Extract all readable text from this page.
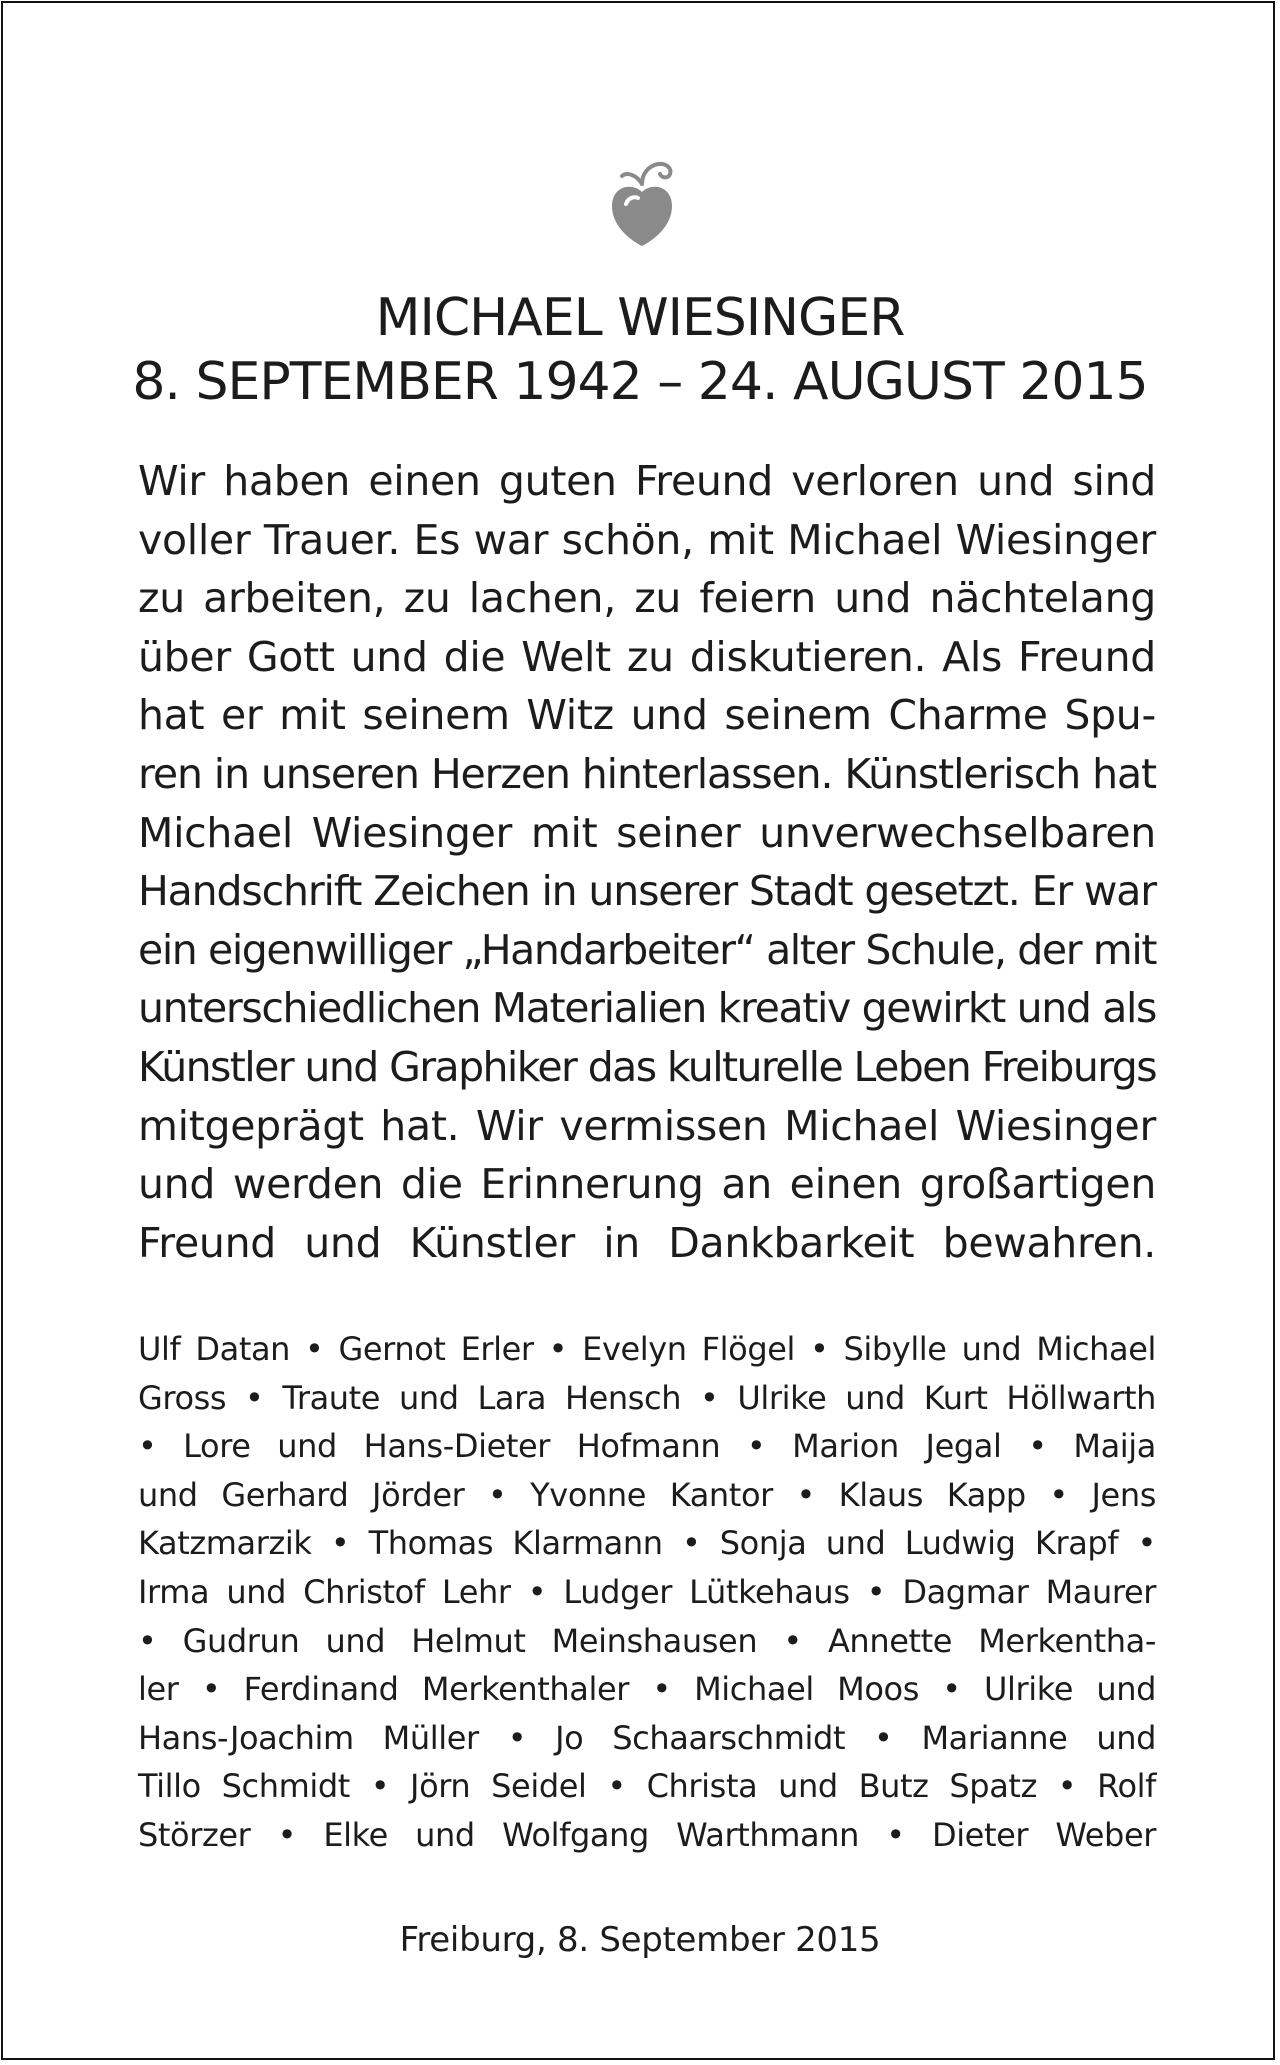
MICHAEL WIESINGER
8. SEPTEMBER 1942 – 24. AUGUST 2015
Wir haben einen guten Freund verloren und sind
voller Trauer. Es war schön, mit Michael Wiesinger
zu arbeiten, zu lachen, zu feiern und nächtelang
über Gott und die Welt zu diskutieren. Als Freund
hat er mit seinem Witz und seinem Charme Spu-
ren in unseren Herzen hinterlassen. Künstlerisch hat
Michael Wiesinger mit seiner unverwechselbaren
Handschrift Zeichen in unserer Stadt gesetzt. Er war
ein eigenwilliger „Handarbeiter“ alter Schule, der mit
unterschiedlichen Materialien kreativ gewirkt und als
Künstler und Graphiker das kulturelle Leben Freiburgs
mitgeprägt hat. Wir vermissen Michael Wiesinger
und werden die Erinnerung an einen großartigen
Freund und Künstler in Dankbarkeit bewahren.
Ulf Datan • Gernot Erler • Evelyn Flögel • Sibylle und Michael
Gross • Traute und Lara Hensch • Ulrike und Kurt Höllwarth
• Lore und Hans-Dieter Hofmann • Marion Jegal • Maija
und Gerhard Jörder • Yvonne Kantor • Klaus Kapp • Jens
Katzmarzik • Thomas Klarmann • Sonja und Ludwig Krapf •
Irma und Christof Lehr • Ludger Lütkehaus • Dagmar Maurer
• Gudrun und Helmut Meinshausen • Annette Merkentha-
ler • Ferdinand Merkenthaler • Michael Moos • Ulrike und
Hans-Joachim Müller • Jo Schaarschmidt • Marianne und
Tillo Schmidt • Jörn Seidel • Christa und Butz Spatz • Rolf
Störzer • Elke und Wolfgang Warthmann • Dieter Weber
Freiburg, 8. September 2015
